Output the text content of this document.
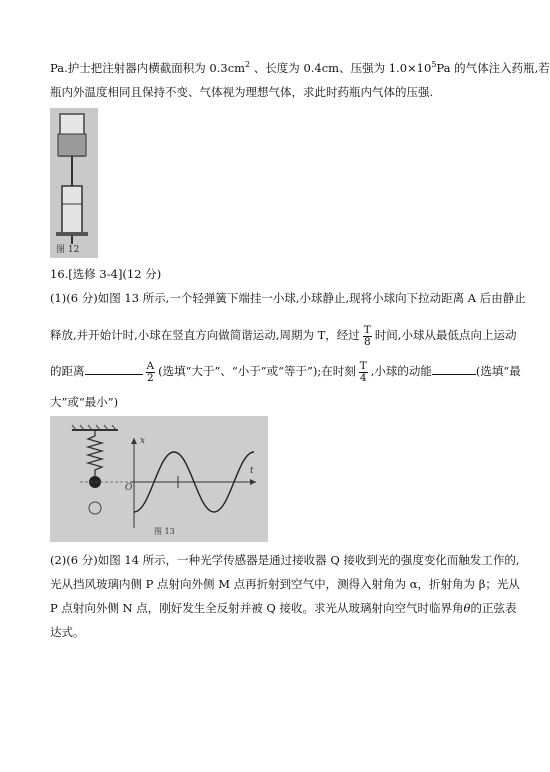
Pa.护士把注射器内横截面积为 $0.3cm^2$ 、长度为 0.4cm、压强为 $1.0\times 10^5Pa$ 的气体注入药瓶,若
瓶内外温度相同且保持不变、气体视为理想气体，求此时药瓶内气体的压强.
图 12
16.[选修 3-4](12 分)
(1)(6 分)如图 13 所示,一个轻弹簧下端挂一小球,小球静止,现将小球向下拉动距离 A 后由静止
释放,并开始计时,小球在竖直方向做简谐运动,周期为 T，经过 $\frac{T}{8}$ 时间,小球从最低点向上运动
的距离	$\frac{A}{2}$ (选填“大于”、“小于”或“等于”);在时刻 $\frac{T}{4}$ ,小球的动能	(选填“最
大”或“最小”)
x
O
t
图 13
(2)(6 分)如图 14 所示，一种光学传感器是通过接收器 Q 接收到光的强度变化而触发工作的,
光从挡风玻璃内侧 P 点射向外侧 M 点再折射到空气中，测得入射角为 α，折射角为 β；光从
P 点射向外侧 N 点，刚好发生全反射并被 Q 接收。求光从玻璃射向空气时临界角θ的正弦表
达式。
